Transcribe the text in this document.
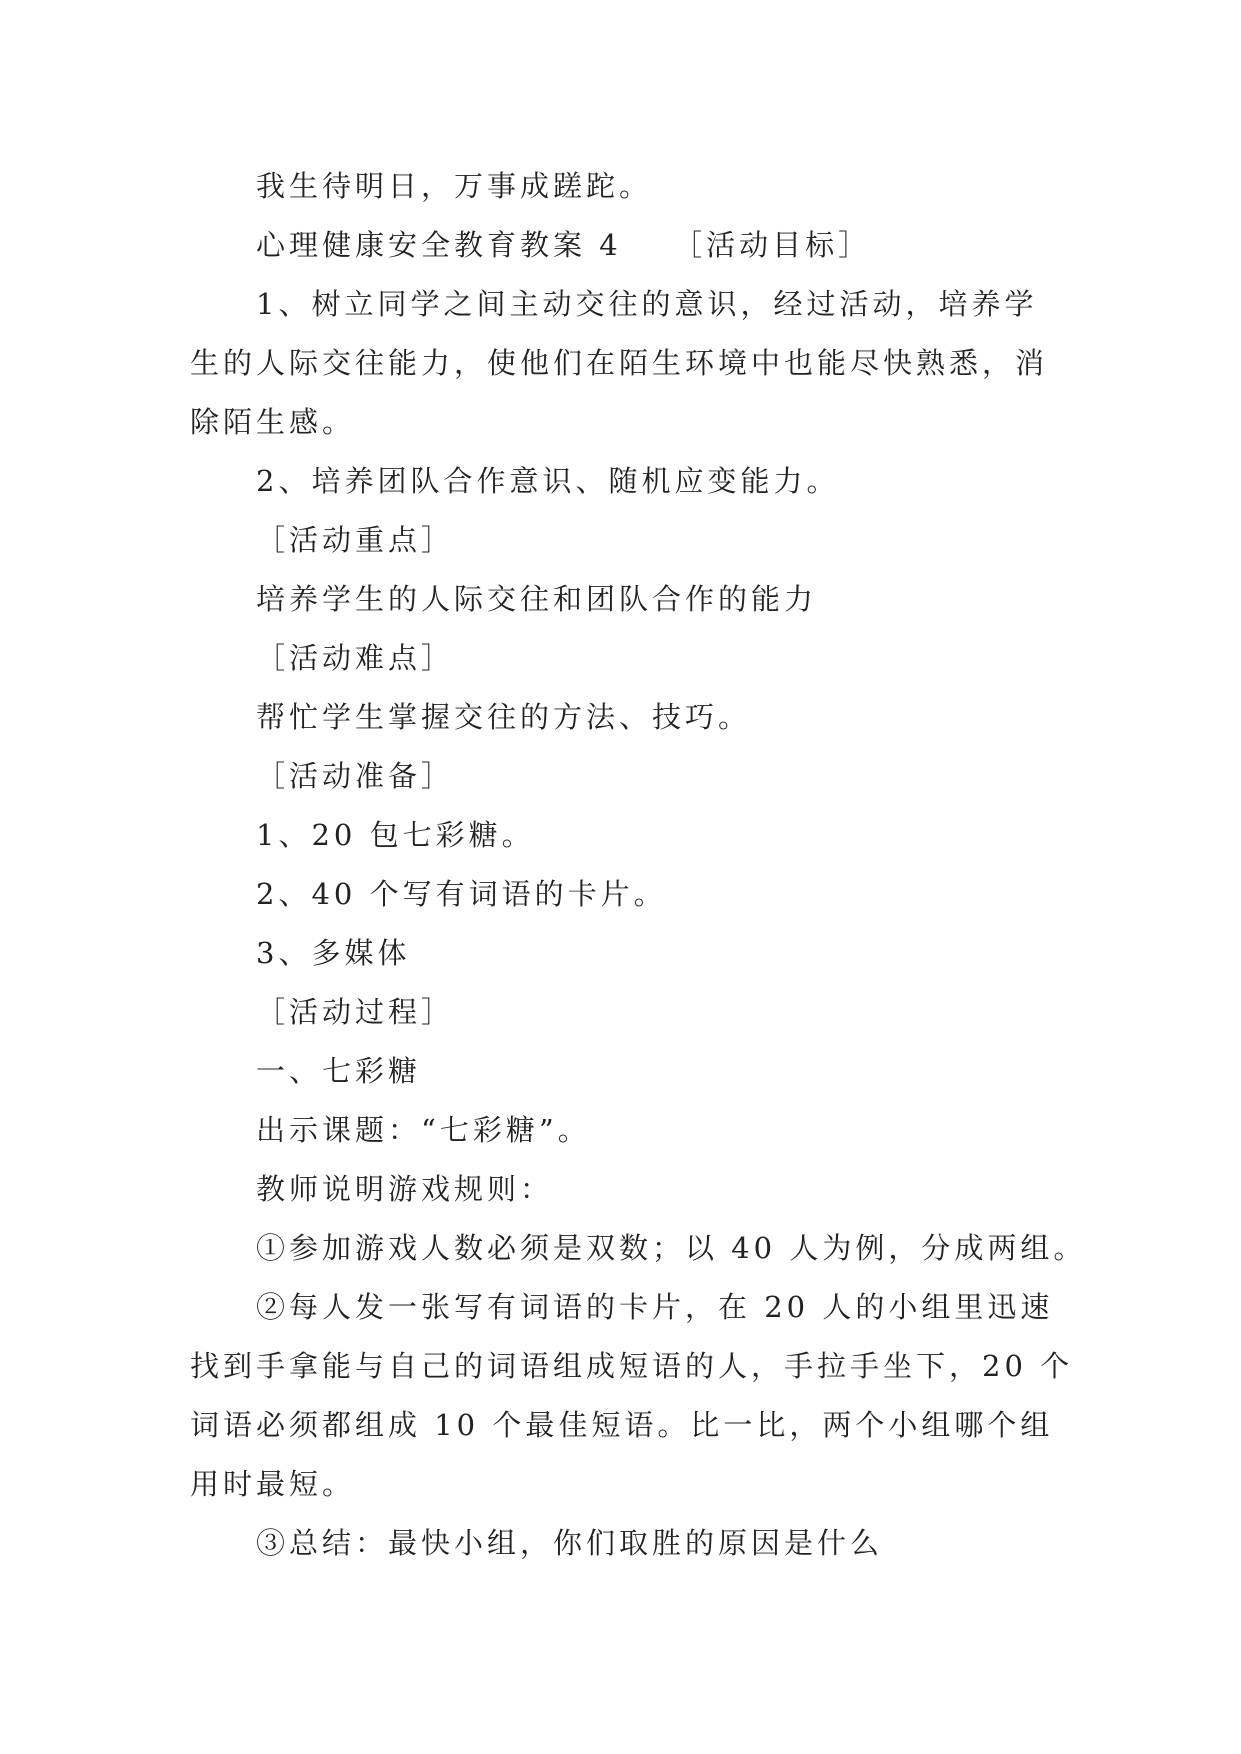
我生待明日，万事成蹉跎。
心理健康安全教育教案 4　　［活动目标］
1、树立同学之间主动交往的意识，经过活动，培养学
生的人际交往能力，使他们在陌生环境中也能尽快熟悉，消
除陌生感。
2、培养团队合作意识、随机应变能力。
［活动重点］
培养学生的人际交往和团队合作的能力
［活动难点］
帮忙学生掌握交往的方法、技巧。
［活动准备］
1、20 包七彩糖。
2、40 个写有词语的卡片。
3、多媒体
［活动过程］
一、七彩糖
出示课题：“七彩糖”。
教师说明游戏规则：
①参加游戏人数必须是双数；以 40 人为例，分成两组。
②每人发一张写有词语的卡片，在 20 人的小组里迅速
找到手拿能与自己的词语组成短语的人，手拉手坐下，20 个
词语必须都组成 10 个最佳短语。比一比，两个小组哪个组
用时最短。
③总结：最快小组，你们取胜的原因是什么
